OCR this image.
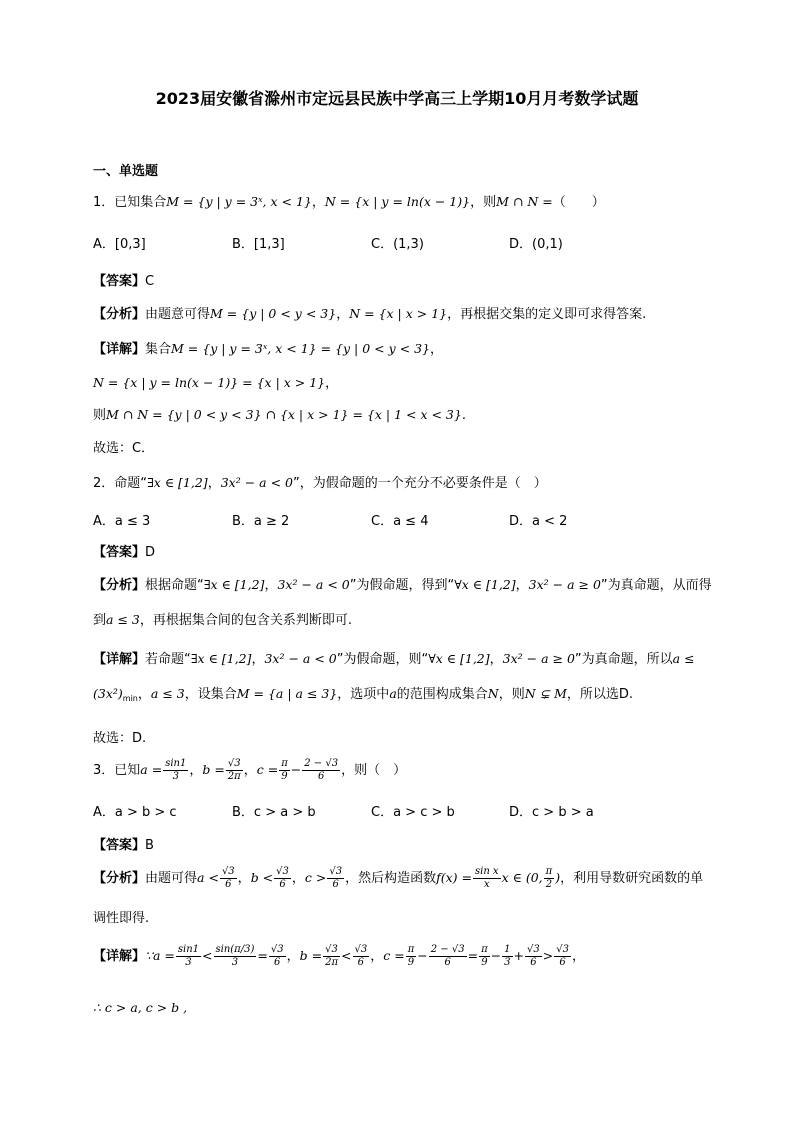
2023届安徽省滁州市定远县民族中学高三上学期10月月考数学试题
一、单选题
1．已知集合M = {y | y = 3ˣ, x < 1}，N = {x | y = ln(x − 1)}，则M ∩ N =（　　）
A．[0,3]	B．[1,3]	C．(1,3)	D．(0,1)
【答案】C
【分析】由题意可得M = {y | 0 < y < 3}，N = {x | x > 1}，再根据交集的定义即可求得答案.
【详解】集合M = {y | y = 3ˣ, x < 1} = {y | 0 < y < 3}，
N = {x | y = ln(x − 1)} = {x | x > 1}，
则M ∩ N = {y | 0 < y < 3} ∩ {x | x > 1} = {x | 1 < x < 3}.
故选：C．
2．命题“∃x ∈ [1,2]，3x² − a < 0”，为假命题的一个充分不必要条件是（　）
A．a ≤ 3	B．a ≥ 2	C．a ≤ 4	D．a < 2
【答案】D
【分析】根据命题“∃x ∈ [1,2]，3x² − a < 0”为假命题，得到“∀x ∈ [1,2]，3x² − a ≥ 0”为真命题，从而得到a ≤ 3，再根据集合间的包含关系判断即可.
【详解】若命题“∃x ∈ [1,2]，3x² − a < 0”为假命题，则“∀x ∈ [1,2]，3x² − a ≥ 0”为真命题，所以$a \le (3x^2)_{min}$，a ≤ 3，设集合M = {a | a ≤ 3}，选项中a的范围构成集合N，则N ⊊ M，所以选D.
故选：D.
3．已知$a = \frac{\sin 1}{3}$ ，$b = \frac{√3}{2\pi}$ ，$c = \frac{\pi}{9} - \frac{2 - √3}{6}$ ，则（　）
A．a > b > c	B．c > a > b	C．a > c > b	D．c > b > a
【答案】B
【分析】由题可得$a < \frac{√3}{6}$ ，$b < \frac{√3}{6}$ ，$c > \frac{√3}{6}$ ，然后构造函数$f(x) = \frac{\text{sin x}}{x}$ x ∈ (0, $\frac{\pi}{2}$ )，利用导数研究函数的单调性即得.
【详解】∵a = $\frac{\sin 1}{3} < \frac{\sin(\pi/3)}{3} = \frac{√3}{6}$ ，$b = \frac{√3}{2\pi} < \frac{√3}{6}$ ，$c = \frac{\pi}{9} - \frac{2 - √3}{6} = \frac{\pi}{9} - \frac{1}{3} + \frac{√3}{6} > \frac{√3}{6}$ ，
∴ c > a, c > b ,
